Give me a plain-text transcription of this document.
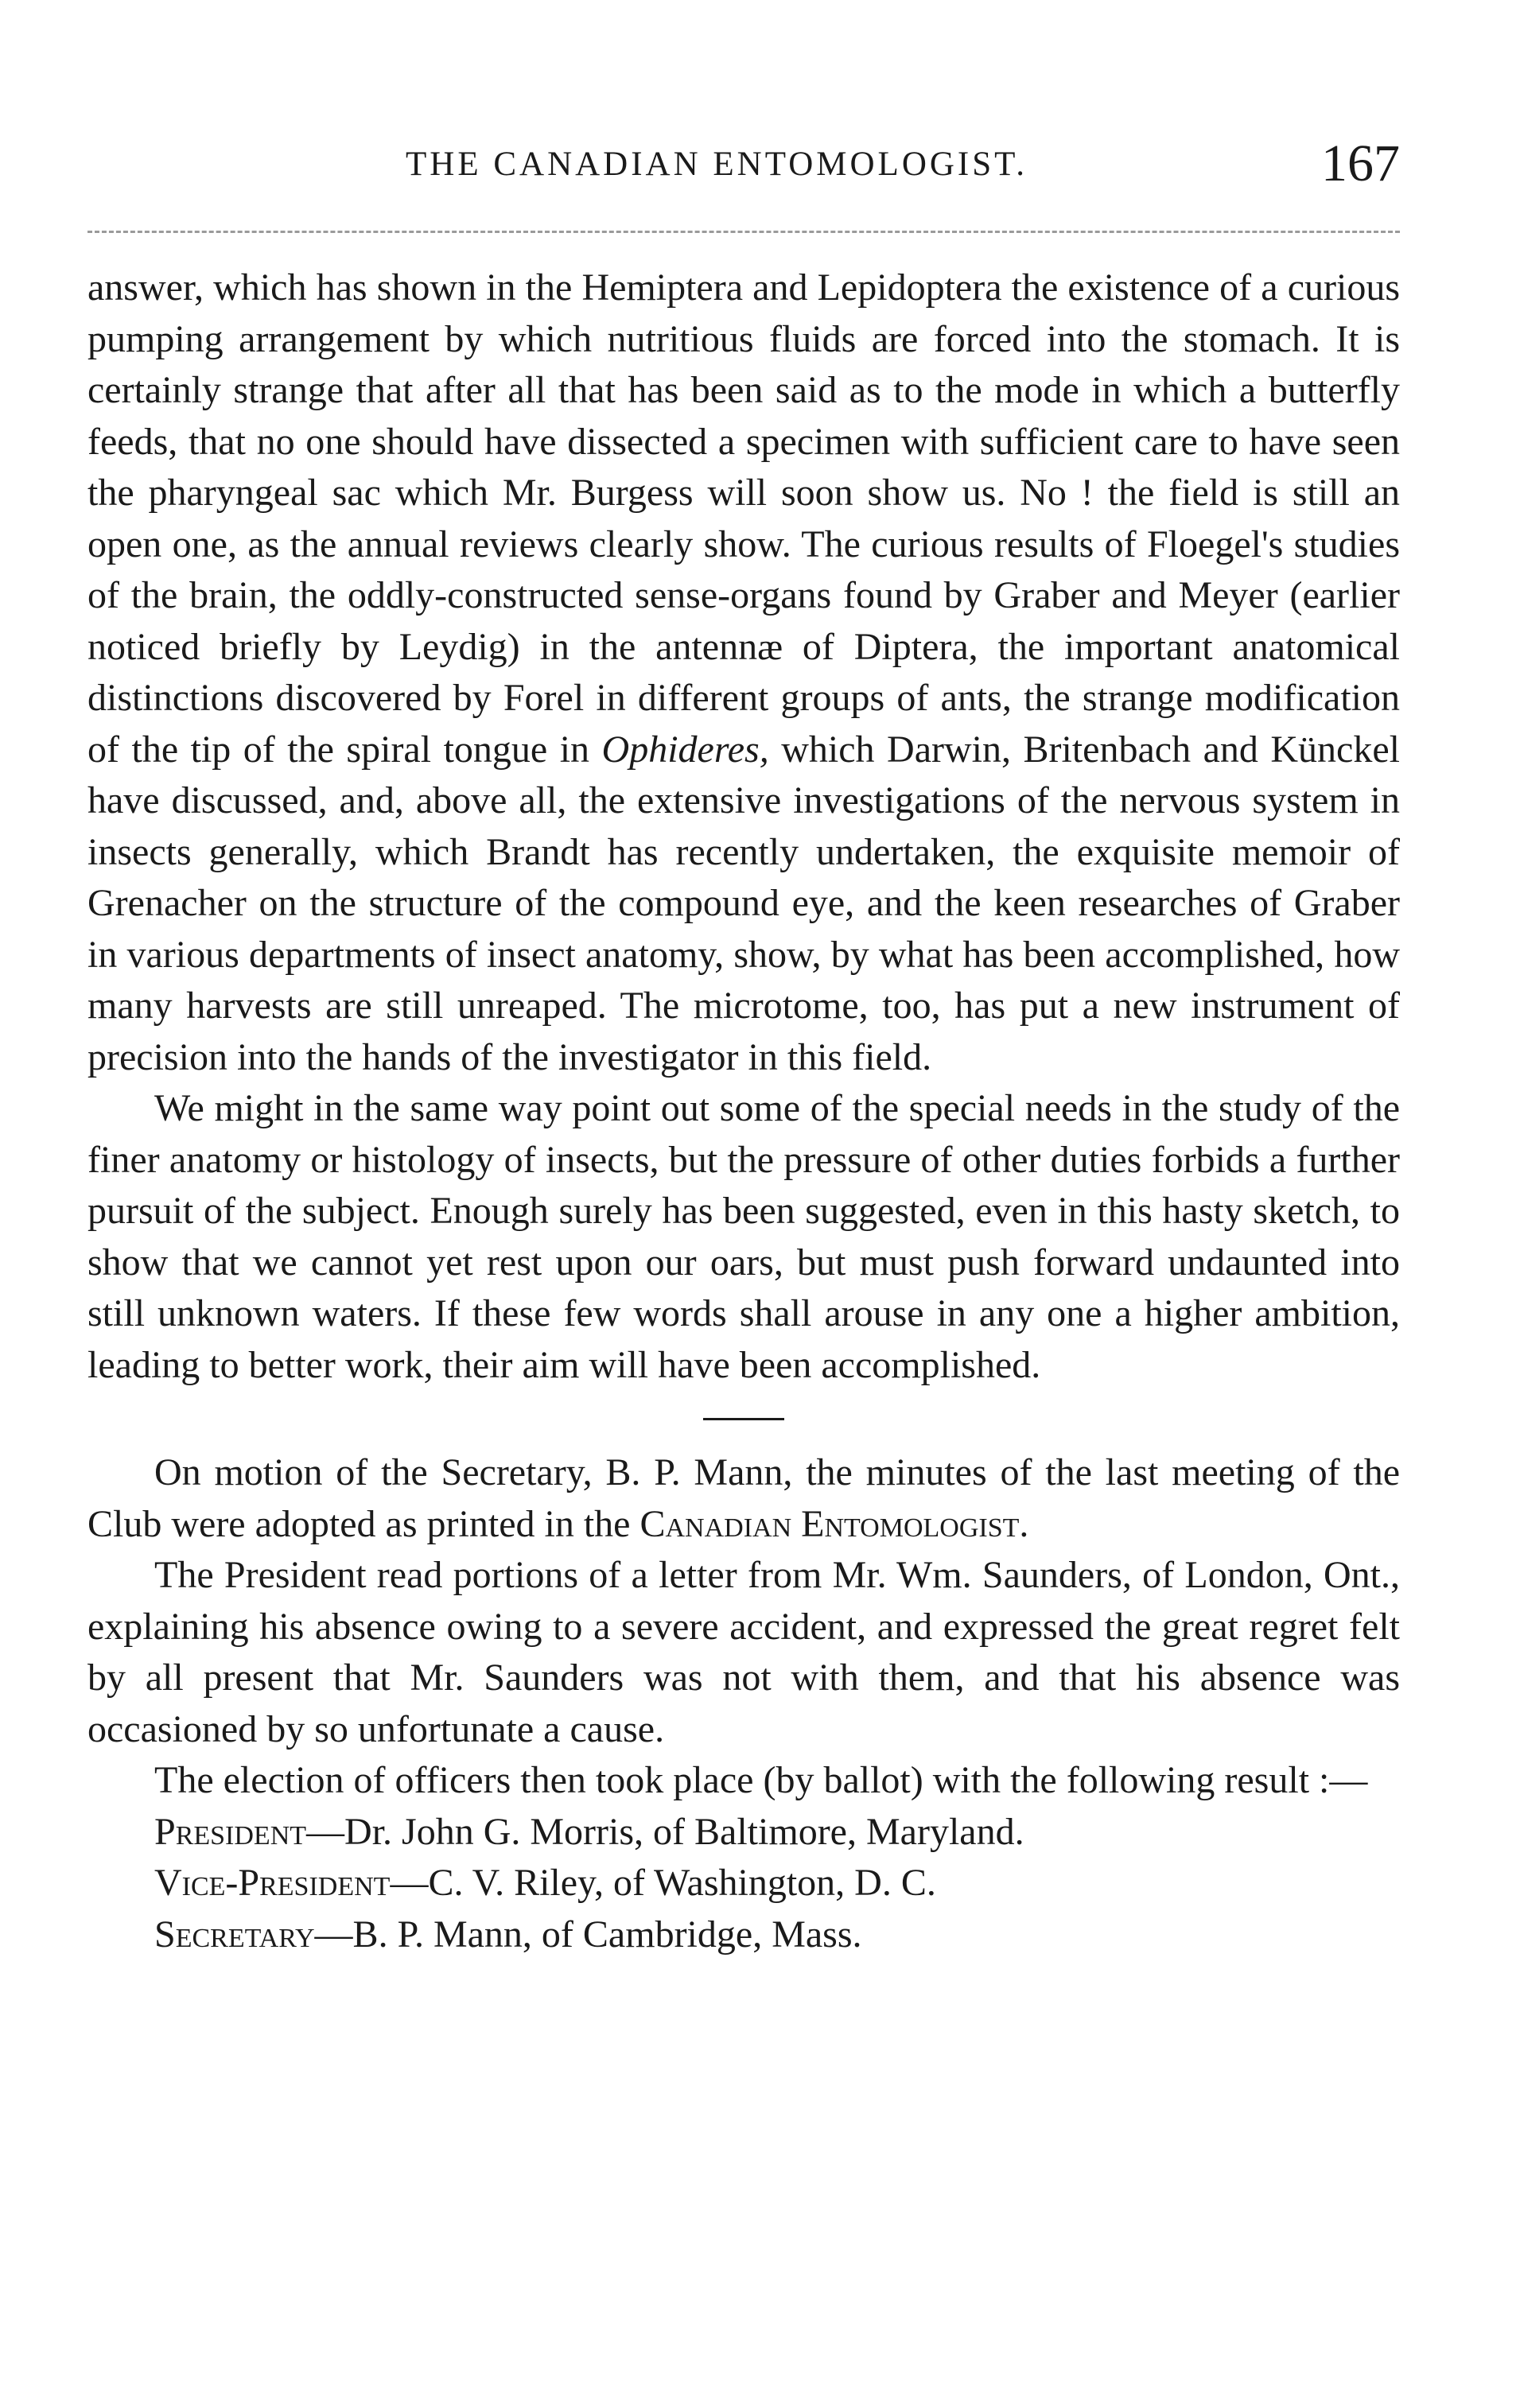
THE CANADIAN ENTOMOLOGIST.	167

answer, which has shown in the Hemiptera and Lepidoptera the existence of a curious pumping arrangement by which nutritious fluids are forced into the stomach. It is certainly strange that after all that has been said as to the mode in which a butterfly feeds, that no one should have dissected a specimen with sufficient care to have seen the pharyngeal sac which Mr. Burgess will soon show us. No ! the field is still an open one, as the annual reviews clearly show. The curious results of Floegel's studies of the brain, the oddly-constructed sense-organs found by Graber and Meyer (earlier noticed briefly by Leydig) in the antennæ of Diptera, the important anatomical distinctions discovered by Forel in different groups of ants, the strange modification of the tip of the spiral tongue in Ophideres, which Darwin, Britenbach and Künckel have discussed, and, above all, the extensive investigations of the nervous system in insects generally, which Brandt has recently undertaken, the exquisite memoir of Grenacher on the structure of the compound eye, and the keen researches of Graber in various departments of insect anatomy, show, by what has been accomplished, how many harvests are still unreaped. The microtome, too, has put a new instrument of precision into the hands of the investigator in this field.

We might in the same way point out some of the special needs in the study of the finer anatomy or histology of insects, but the pressure of other duties forbids a further pursuit of the subject. Enough surely has been suggested, even in this hasty sketch, to show that we cannot yet rest upon our oars, but must push forward undaunted into still unknown waters. If these few words shall arouse in any one a higher ambition, leading to better work, their aim will have been accomplished.

On motion of the Secretary, B. P. Mann, the minutes of the last meeting of the Club were adopted as printed in the Canadian Entomologist.

The President read portions of a letter from Mr. Wm. Saunders, of London, Ont., explaining his absence owing to a severe accident, and expressed the great regret felt by all present that Mr. Saunders was not with them, and that his absence was occasioned by so unfortunate a cause.

The election of officers then took place (by ballot) with the following result :—

President—Dr. John G. Morris, of Baltimore, Maryland.

Vice-President—C. V. Riley, of Washington, D. C.

Secretary—B. P. Mann, of Cambridge, Mass.
